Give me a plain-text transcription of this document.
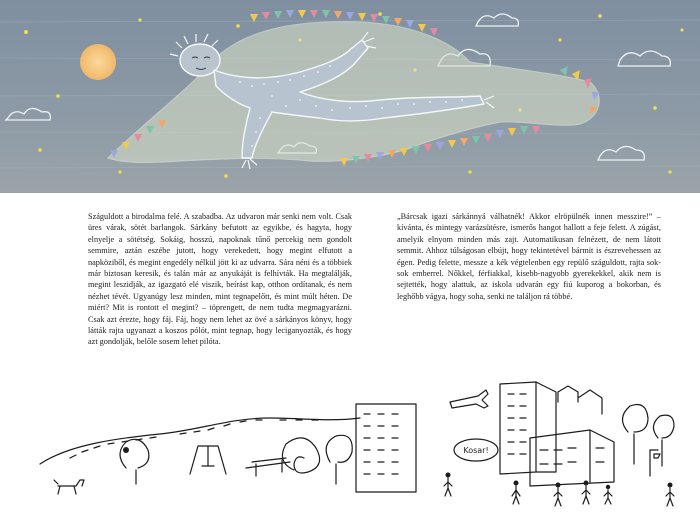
Száguldott a birodalma felé. A szabadba. Az udvaron már senki nem volt. Csak üres várak, sötét barlangok. Sárkány befutott az egyikbe, és hagyta, hogy elnyelje a sötétség. Sokáig, hosszú, napoknak tűnő percekig nem gondolt semmire, aztán eszébe jutott, hogy verekedett, hogy megint elfutott a napköziből, és megint engedély nélkül jött ki az udvarra. Sára néni és a többiek már biztosan keresik, és talán már az anyukáját is felhívták. Ha megtalálják, megint leszidják, az igazgató elé viszik, beírást kap, otthon ordítanak, és nem nézhet tévét. Ugyanúgy lesz minden, mint tegnapelőtt, és mint múlt héten. De miért? Mit is rontott el megint? – töprengett, de nem tudta megmagyarázni. Csak azt érezte, hogy fáj. Fáj, hogy nem lehet az övé a sárkányos könyv, hogy látták rajta ugyanazt a koszos pólót, mint tegnap, hogy leciganyozták, és hogy azt gondolják, belőle sosem lehet pilóta.

„Bárcsak igazi sárkánnyá válhatnék! Akkor elröpülnék innen messzire!” – kívánta, és mintegy varázsütésre, ismerős hangot hallott a feje felett. A zúgást, amelyik elnyom minden más zajt. Automatikusan felnézett, de nem látott semmit. Ahhoz túlságosan elbújt, hogy tekintetével bármit is észrevehessen az égen. Pedig felette, messze a kék végtelenben egy repülő száguldott, rajta sok-sok emberrel. Nőkkel, férfiakkal, kisebb-nagyobb gyerekekkel, akik nem is sejtették, hogy alattuk, az iskola udvarán egy fiú kuporog a bokorban, és leghőbb vágya, hogy soha, senki ne találjon rá többé.

Kosar!
